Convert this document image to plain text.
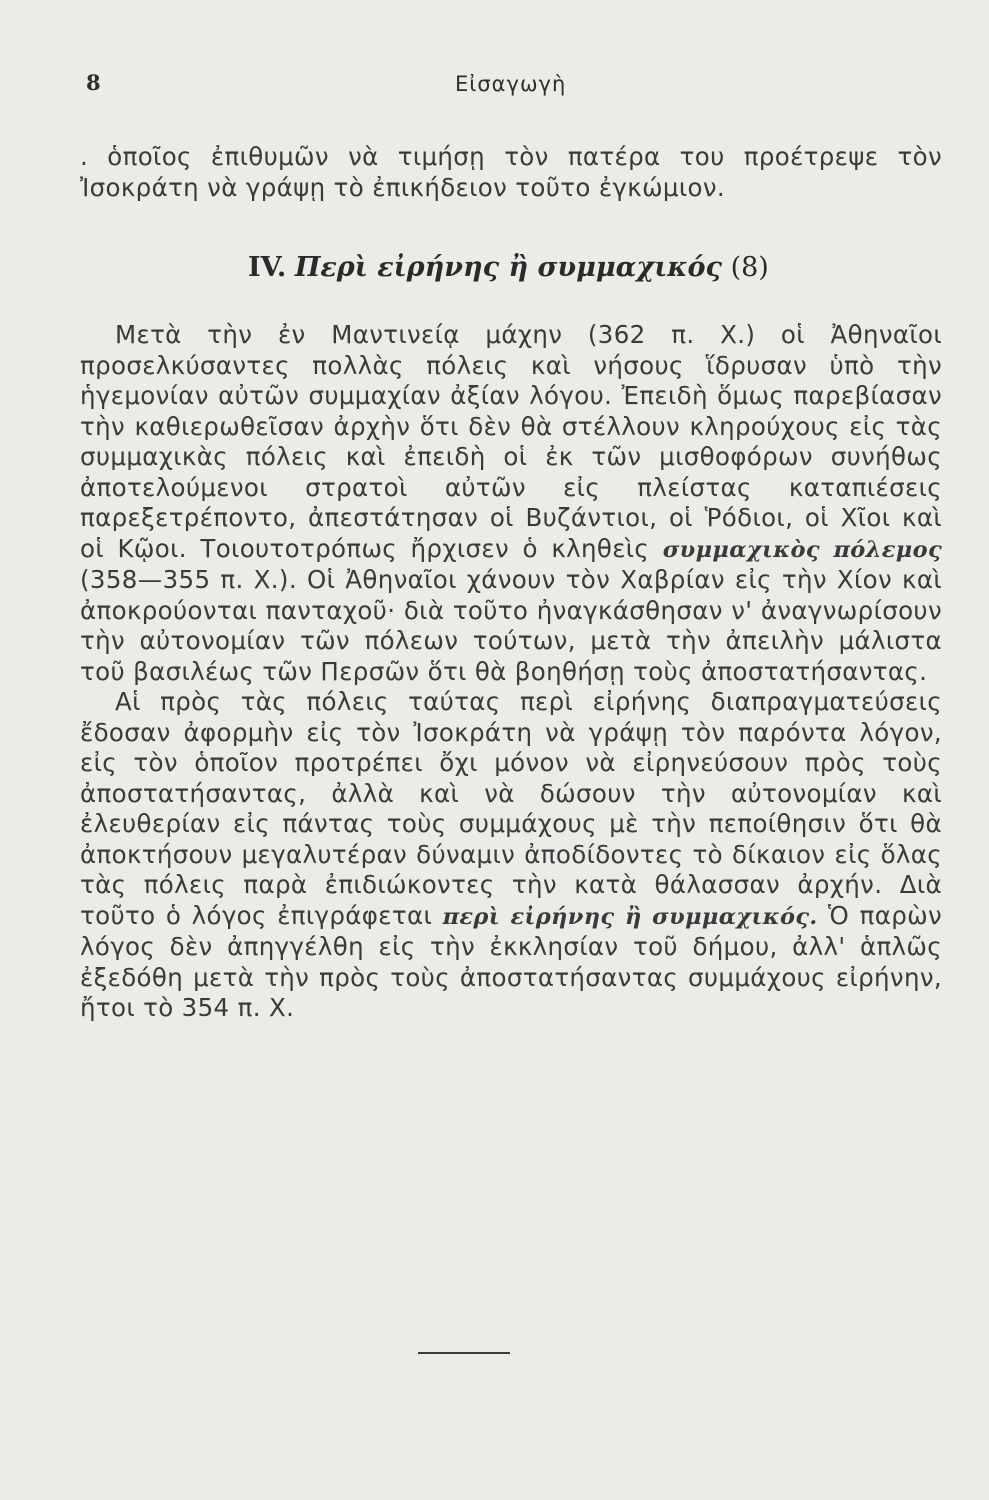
8	Εἰσαγωγὴ

. ὁποῖος ἐπιθυμῶν νὰ τιμήσῃ τὸν πατέρα του προέτρεψε τὸν Ἰσοκράτη νὰ γράψῃ τὸ ἐπικήδειον τοῦτο ἐγκώμιον.

IV. Περὶ εἰρήνης ἢ συμμαχικός (8)

Μετὰ τὴν ἐν Μαντινείᾳ μάχην (362 π. Χ.) οἱ Ἀθηναῖοι προσελκύσαντες πολλὰς πόλεις καὶ νήσους ἵδρυσαν ὑπὸ τὴν ἡγεμονίαν αὐτῶν συμμαχίαν ἀξίαν λόγου. Ἐπειδὴ ὅμως παρεβίασαν τὴν καθιερωθεῖσαν ἀρχὴν ὅτι δὲν θὰ στέλλουν κληρούχους εἰς τὰς συμμαχικὰς πόλεις καὶ ἐπειδὴ οἱ ἐκ τῶν μισθοφόρων συνήθως ἀποτελούμενοι στρατοὶ αὐτῶν εἰς πλείστας καταπιέσεις παρεξετρέποντο, ἀπεστάτησαν οἱ Βυζάντιοι, οἱ Ῥόδιοι, οἱ Χῖοι καὶ οἱ Κῷοι. Τοιουτοτρόπως ἤρχισεν ὁ κληθεὶς συμμαχικὸς πόλεμος (358—355 π. Χ.). Οἱ Ἀθηναῖοι χάνουν τὸν Χαβρίαν εἰς τὴν Χίον καὶ ἀποκρούονται πανταχοῦ· διὰ τοῦτο ἠναγκάσθησαν ν' ἀναγνωρίσουν τὴν αὐτονομίαν τῶν πόλεων τούτων, μετὰ τὴν ἀπειλὴν μάλιστα τοῦ βασιλέως τῶν Περσῶν ὅτι θὰ βοηθήσῃ τοὺς ἀποστατήσαντας.

Αἱ πρὸς τὰς πόλεις ταύτας περὶ εἰρήνης διαπραγματεύσεις ἔδοσαν ἀφορμὴν εἰς τὸν Ἰσοκράτη νὰ γράψῃ τὸν παρόντα λόγον, εἰς τὸν ὁποῖον προτρέπει ὄχι μόνον νὰ εἰρηνεύσουν πρὸς τοὺς ἀποστατήσαντας, ἀλλὰ καὶ νὰ δώσουν τὴν αὐτονομίαν καὶ ἐλευθερίαν εἰς πάντας τοὺς συμμάχους μὲ τὴν πεποίθησιν ὅτι θὰ ἀποκτήσουν μεγαλυτέραν δύναμιν ἀποδίδοντες τὸ δίκαιον εἰς ὅλας τὰς πόλεις παρὰ ἐπιδιώκοντες τὴν κατὰ θάλασσαν ἀρχήν. Διὰ τοῦτο ὁ λόγος ἐπιγράφεται περὶ εἰρήνης ἢ συμμαχικός. Ὁ παρὼν λόγος δὲν ἀπηγγέλθη εἰς τὴν ἐκκλησίαν τοῦ δήμου, ἀλλ' ἁπλῶς ἐξεδόθη μετὰ τὴν πρὸς τοὺς ἀποστατήσαντας συμμάχους εἰρήνην, ἤτοι τὸ 354 π. Χ.
